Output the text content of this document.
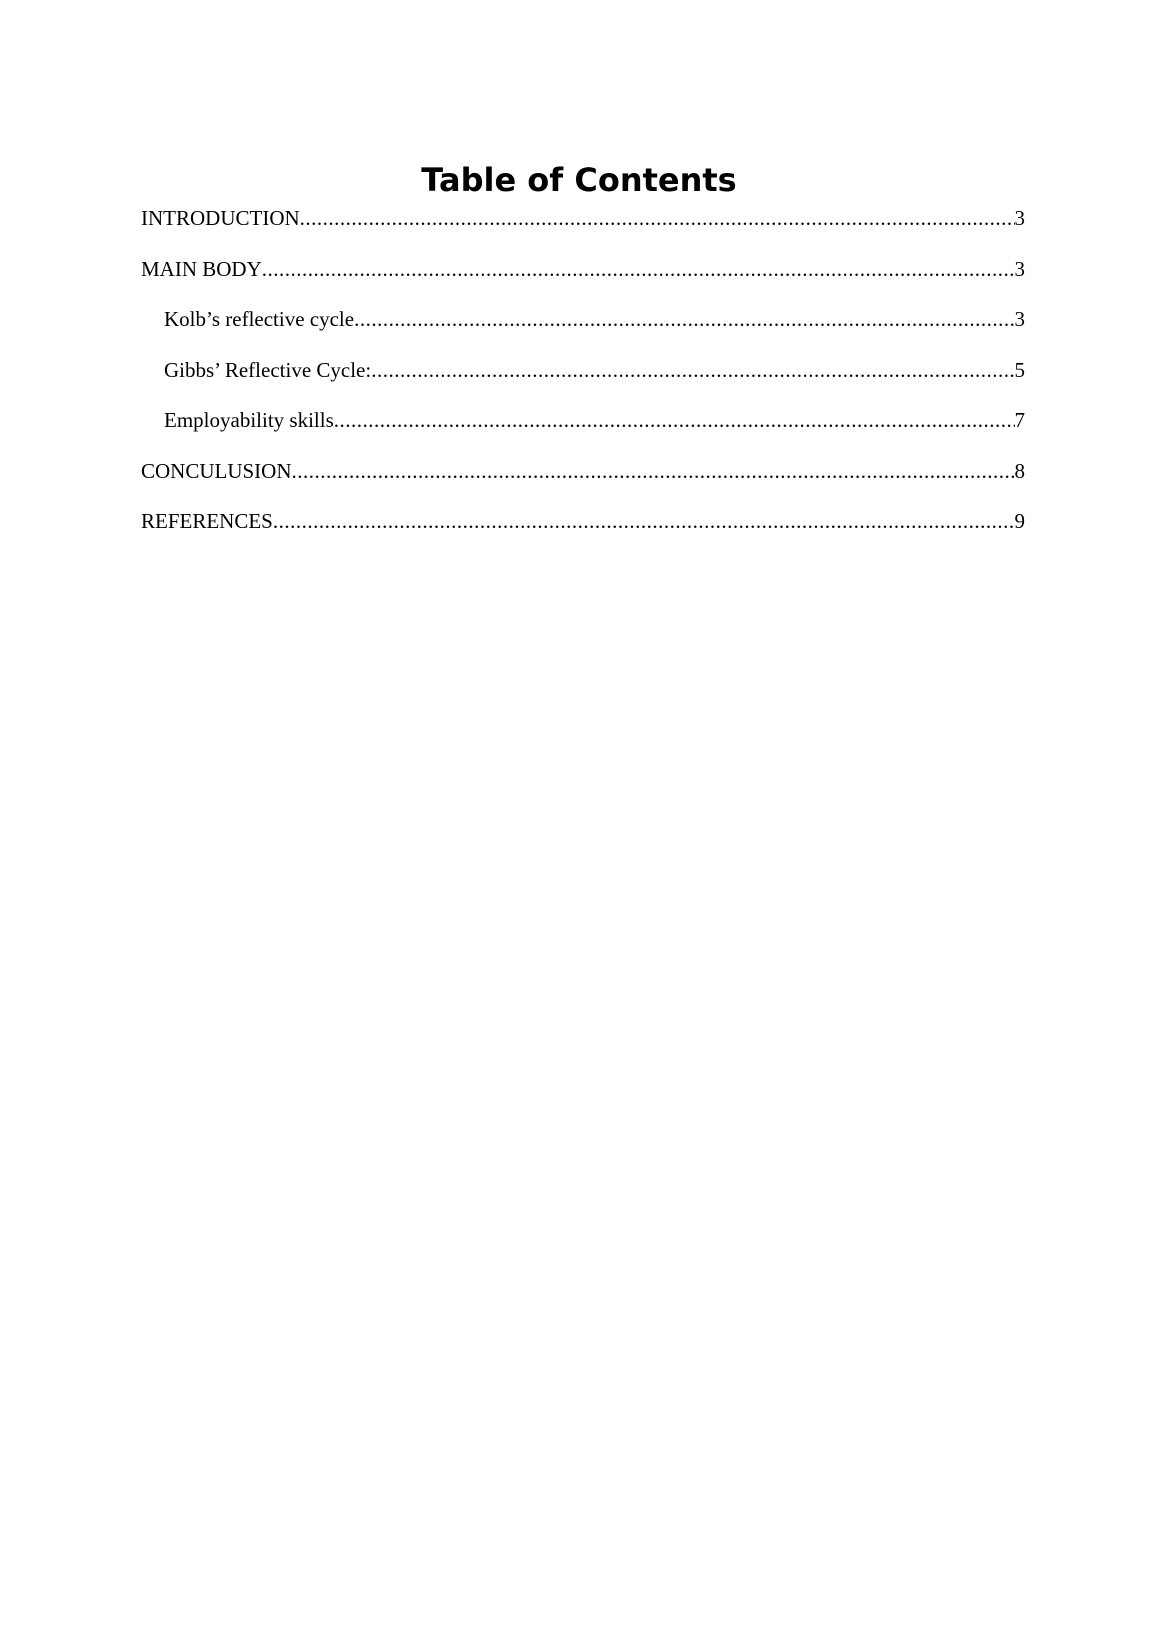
Table of Contents
INTRODUCTION .....	3
MAIN BODY .....	3
Kolb’s reflective cycle .....	3
Gibbs’ Reflective Cycle: .....	5
Employability skills .....	7
CONCULUSION .....	8
REFERENCES .....	9
